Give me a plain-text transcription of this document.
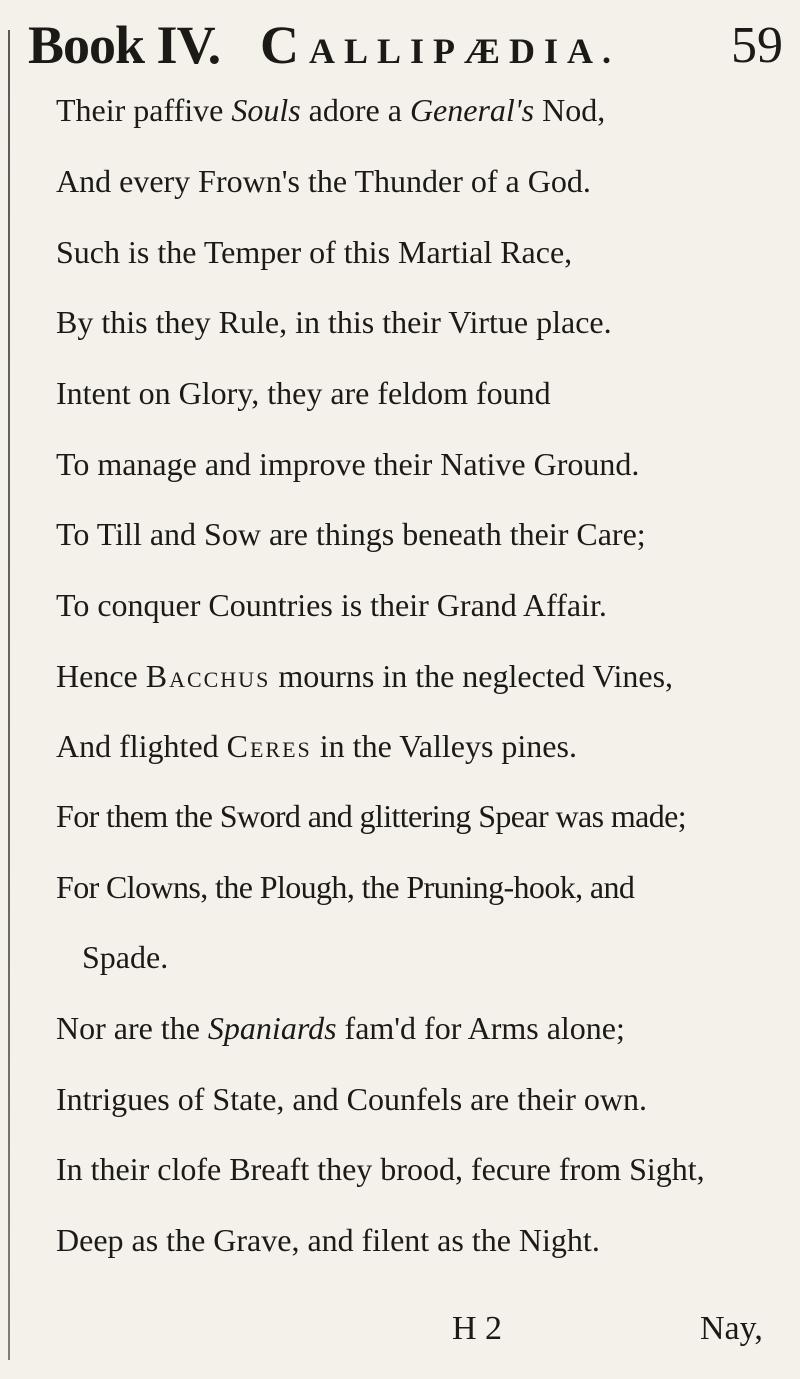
Book IV. CALLIPÆDIA. 59
Their paffive Souls adore a General's Nod,
And every Frown's the Thunder of a God.
Such is the Temper of this Martial Race,
By this they Rule, in this their Virtue place.
Intent on Glory, they are feldom found
To manage and improve their Native Ground.
To Till and Sow are things beneath their Care;
To conquer Countries is their Grand Affair.
Hence Bacchus mourns in the neglected Vines,
And flighted Ceres in the Valleys pines.
For them the Sword and glittering Spear was made;
For Clowns, the Plough, the Pruning-hook, and
Spade.
Nor are the Spaniards fam'd for Arms alone;
Intrigues of State, and Counfels are their own.
In their clofe Breaft they brood, fecure from Sight,
Deep as the Grave, and filent as the Night.
H 2	Nay,
